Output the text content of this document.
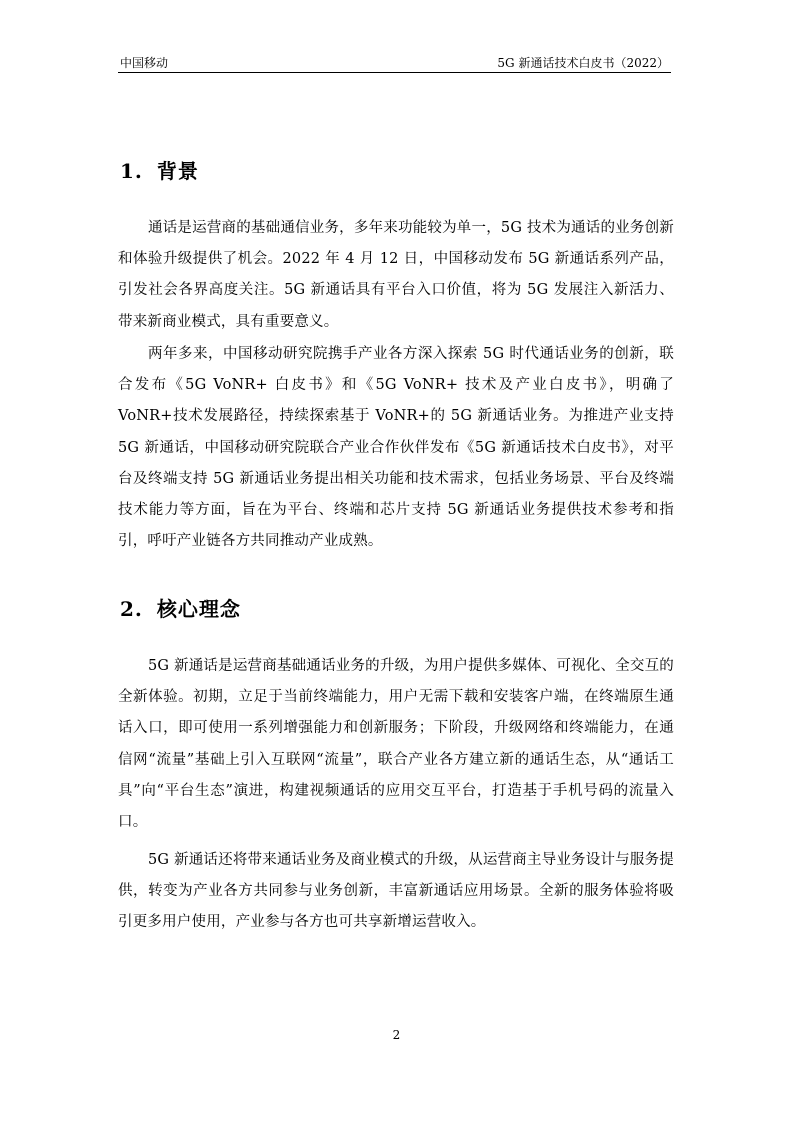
中国移动	5G 新通话技术白皮书（2022）
1. 背景
通话是运营商的基础通信业务，多年来功能较为单一，5G 技术为通话的业务创新和体验升级提供了机会。2022 年 4 月 12 日，中国移动发布 5G 新通话系列产品，引发社会各界高度关注。5G 新通话具有平台入口价值，将为 5G 发展注入新活力、带来新商业模式，具有重要意义。
两年多来，中国移动研究院携手产业各方深入探索 5G 时代通话业务的创新，联合发布《5G VoNR+ 白皮书》和《5G VoNR+ 技术及产业白皮书》，明确了 VoNR+技术发展路径，持续探索基于 VoNR+的 5G 新通话业务。为推进产业支持 5G 新通话，中国移动研究院联合产业合作伙伴发布《5G 新通话技术白皮书》，对平台及终端支持 5G 新通话业务提出相关功能和技术需求，包括业务场景、平台及终端技术能力等方面，旨在为平台、终端和芯片支持 5G 新通话业务提供技术参考和指引，呼吁产业链各方共同推动产业成熟。
2. 核心理念
5G 新通话是运营商基础通话业务的升级，为用户提供多媒体、可视化、全交互的全新体验。初期，立足于当前终端能力，用户无需下载和安装客户端，在终端原生通话入口，即可使用一系列增强能力和创新服务；下阶段，升级网络和终端能力，在通信网“流量”基础上引入互联网“流量”，联合产业各方建立新的通话生态，从“通话工具”向“平台生态”演进，构建视频通话的应用交互平台，打造基于手机号码的流量入口。
5G 新通话还将带来通话业务及商业模式的升级，从运营商主导业务设计与服务提供，转变为产业各方共同参与业务创新，丰富新通话应用场景。全新的服务体验将吸引更多用户使用，产业参与各方也可共享新增运营收入。
2
